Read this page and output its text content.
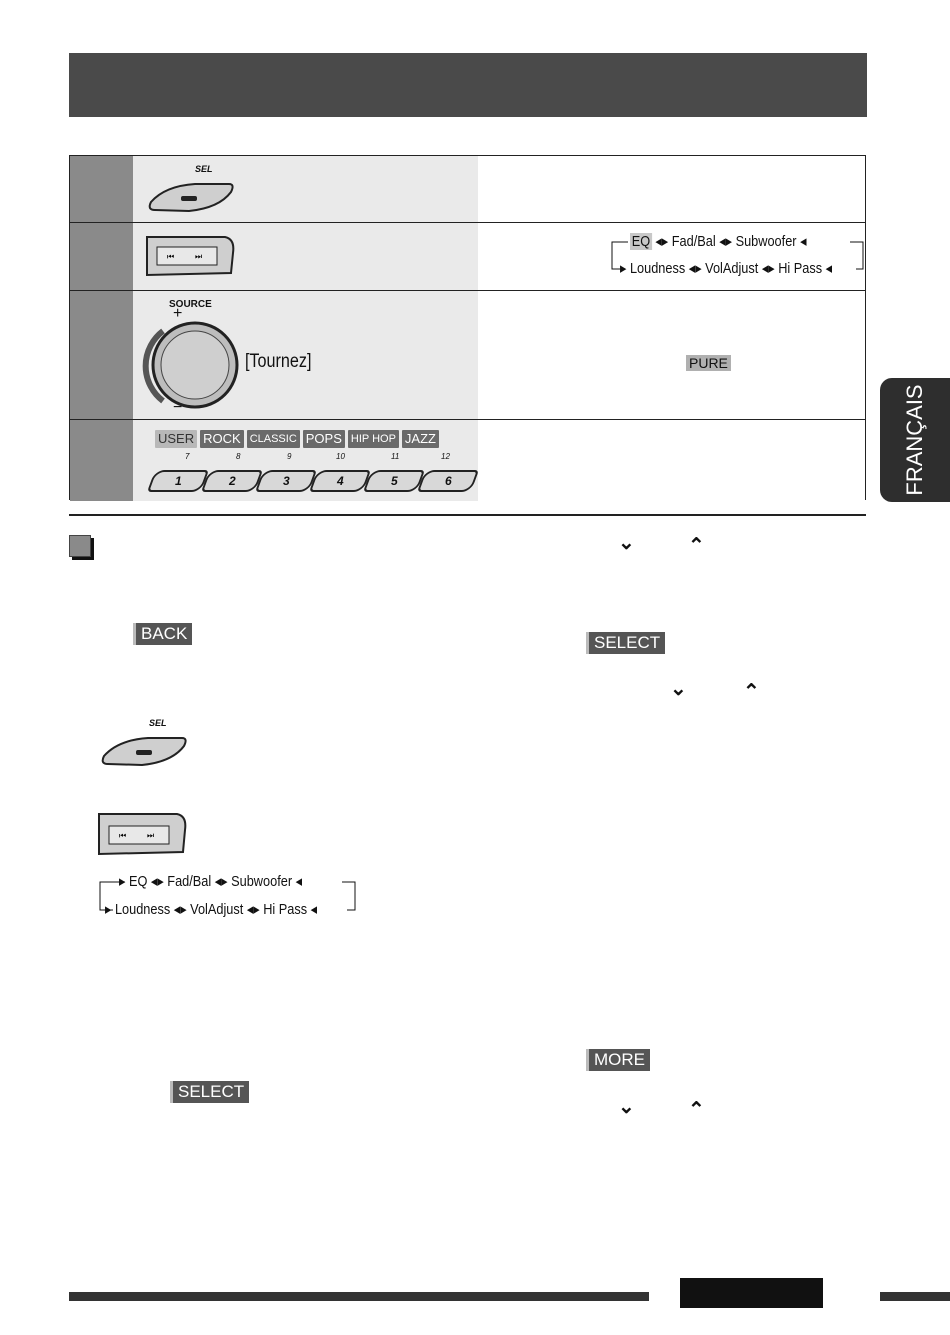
SEL
⏮	⏭
EQ ◂▸ Fad/Bal ◂▸ Subwoofer ◂
▸ Loudness ◂▸ VolAdjust ◂▸ Hi Pass ◂
SOURCE
+
−
[Tournez]	PURE
USER ROCK CLASSIC POPS HIP HOP JAZZ
7	8	9	10	11	12
1	2	3	4	5	6	FRANÇAIS
BACK
SEL
⏮	⏭
▸ EQ ◂▸ Fad/Bal ◂▸ Subwoofer ◂
▸ Loudness ◂▸ VolAdjust ◂▸ Hi Pass ◂
SELECT
⌄	⌃
SELECT
⌄	⌃
MORE
⌄	⌃
